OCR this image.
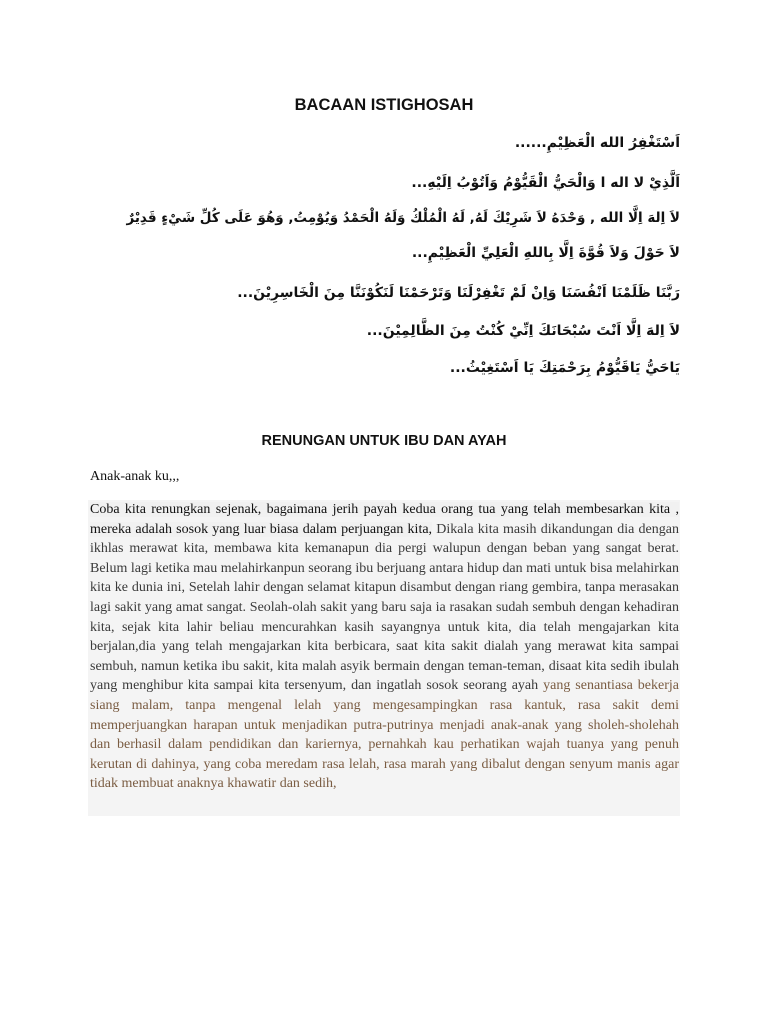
BACAAN ISTIGHOSAH
اَسْتَغْفِرُ الله الْعَظِيْمِ......
اَلَّذِيْ لا اله ا وَالْحَيُّ الْقَيُّوْمُ وَاَتُوْبُ اِلَيْهِ...
لاَ اِلهَ اِلَّا الله , وَحْدَهُ لاَ شَرِيْكَ لَهُ, لَهُ الْمُلْكُ وَلَهُ الْحَمْدُ وَيُوْمِتُ, وَهُوَ عَلَى كُلِّ شَيْءٍ قَدِيْرٌ
لاَ حَوْلَ وَلاَ قُوَّةَ اِلَّا بِاللهِ الْعَلِيِّ الْعَظِيْمِ...
رَبَّنَا ظَلَمْنَا اَنْفُسَنَا وَاِنْ لَمْ تَغْفِرْلَنَا وَتَرْحَمْنَا لَنَكُوْنَنَّا مِنَ الْخَاسِرِيْنَ...
لاَ اِلهَ اِلَّا اَنْتَ سُبْحَانَكَ اِنِّيْ كُنْتُ مِنَ الظَّالِمِيْنَ...
يَاحَيُّ يَاقَيُّوْمُ بِرَحْمَتِكَ يَا اَسْتَغِيْثُ...
RENUNGAN UNTUK IBU DAN AYAH
Anak-anak ku,,,
Coba kita renungkan sejenak, bagaimana jerih payah kedua orang tua yang telah membesarkan kita , mereka adalah sosok yang luar biasa dalam perjuangan kita, Dikala kita masih dikandungan dia dengan ikhlas merawat kita, membawa kita kemanapun dia pergi walupun dengan beban yang sangat berat. Belum lagi ketika mau melahirkanpun seorang ibu berjuang antara hidup dan mati untuk bisa melahirkan kita ke dunia ini, Setelah lahir dengan selamat kitapun disambut dengan riang gembira, tanpa merasakan lagi sakit yang amat sangat. Seolah-olah sakit yang baru saja ia rasakan sudah sembuh dengan kehadiran kita, sejak kita lahir beliau mencurahkan kasih sayangnya untuk kita, dia telah mengajarkan kita berjalan,dia yang telah mengajarkan kita berbicara, saat kita sakit dialah yang merawat kita sampai sembuh, namun ketika ibu sakit, kita malah asyik bermain dengan teman-teman, disaat kita sedih ibulah yang menghibur kita sampai kita tersenyum, dan ingatlah sosok seorang ayah yang senantiasa bekerja siang malam, tanpa mengenal lelah yang mengesampingkan rasa kantuk, rasa sakit demi memperjuangkan harapan untuk menjadikan putra-putrinya menjadi anak-anak yang sholeh-sholehah dan berhasil dalam pendidikan dan kariernya, pernahkah kau perhatikan wajah tuanya yang penuh kerutan di dahinya, yang coba meredam rasa lelah, rasa marah yang dibalut dengan senyum manis agar tidak membuat anaknya khawatir dan sedih,
